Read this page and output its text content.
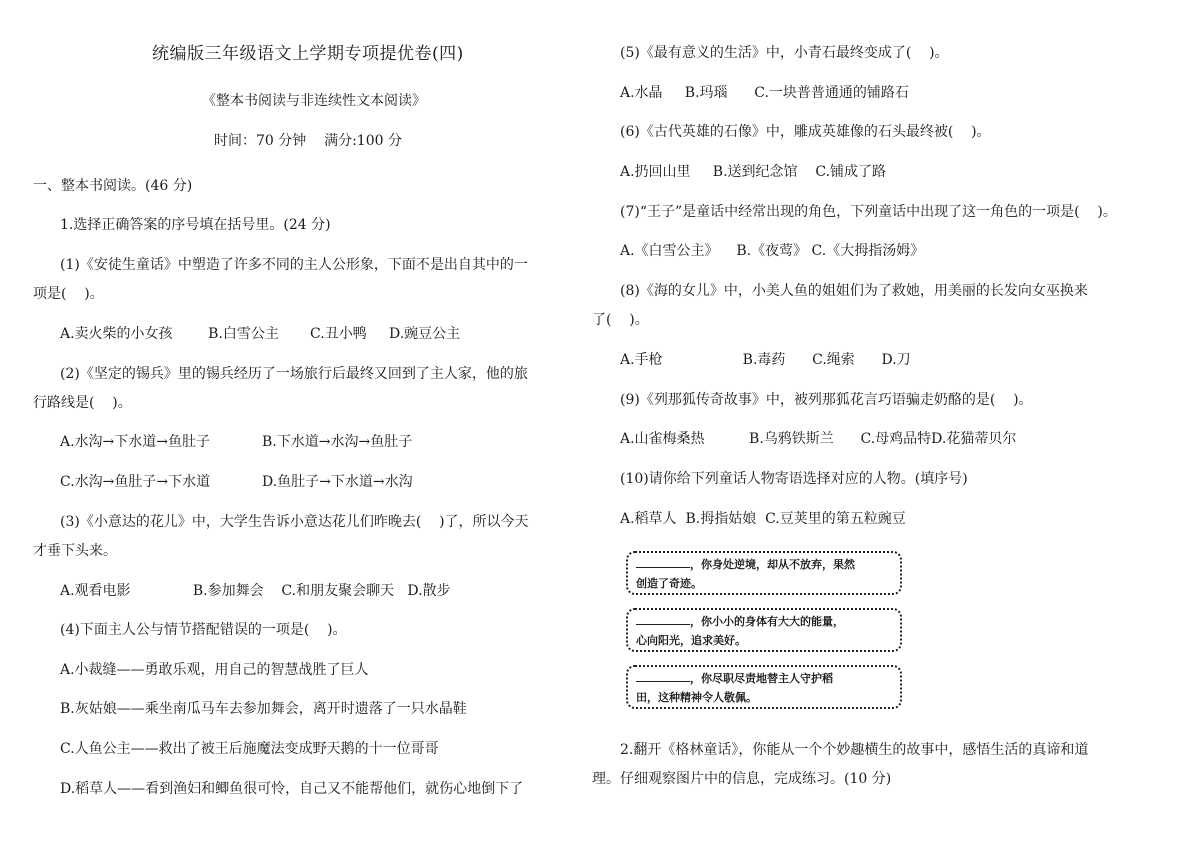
统编版三年级语文上学期专项提优卷(四)
《整本书阅读与非连续性文本阅读》
时间：70 分钟    满分:100 分
一、整本书阅读。(46 分)
1.选择正确答案的序号填在括号里。(24 分)
(1)《安徒生童话》中塑造了许多不同的主人公形象，下面不是出自其中的一
项是(    )。
A.卖火柴的小女孩        B.白雪公主       C.丑小鸭     D.豌豆公主
(2)《坚定的锡兵》里的锡兵经历了一场旅行后最终又回到了主人家，他的旅
行路线是(    )。
A.水沟→下水道→鱼肚子	B.下水道→水沟→鱼肚子
C.水沟→鱼肚子→下水道	D.鱼肚子→下水道→水沟
(3)《小意达的花儿》中，大学生告诉小意达花儿们昨晚去(    )了，所以今天
才垂下头来。
A.观看电影              B.参加舞会    C.和朋友聚会聊天   D.散步
(4)下面主人公与情节搭配错误的一项是(    )。
A.小裁缝——勇敢乐观，用自己的智慧战胜了巨人
B.灰姑娘——乘坐南瓜马车去参加舞会，离开时遗落了一只水晶鞋
C.人鱼公主——救出了被王后施魔法变成野天鹅的十一位哥哥
D.稻草人——看到渔妇和鲫鱼很可怜，自己又不能帮他们，就伤心地倒下了
(5)《最有意义的生活》中，小青石最终变成了(    )。
A.水晶     B.玛瑙      C.一块普普通通的铺路石
(6)《古代英雄的石像》中，雕成英雄像的石头最终被(    )。
A.扔回山里     B.送到纪念馆    C.铺成了路
(7)“王子”是童话中经常出现的角色，下列童话中出现了这一角色的一项是(    )。
A.《白雪公主》    B.《夜莺》 C.《大拇指汤姆》
(8)《海的女儿》中，小美人鱼的姐姐们为了救她，用美丽的长发向女巫换来
了(    )。
A.手枪                  B.毒药      C.绳索      D.刀
(9)《列那狐传奇故事》中，被列那狐花言巧语骗走奶酪的是(    )。
A.山雀梅桑热          B.乌鸦铁斯兰      C.母鸡品特D.花猫蒂贝尔
(10)请你给下列童话人物寄语选择对应的人物。(填序号)
A.稻草人  B.拇指姑娘  C.豆荚里的第五粒豌豆
，你身处逆境，却从不放弃，果然
创造了奇迹。
，你小小的身体有大大的能量，
心向阳光，追求美好。
，你尽职尽责地替主人守护稻
田，这种精神令人敬佩。
2.翻开《格林童话》，你能从一个个妙趣横生的故事中，感悟生活的真谛和道
理。仔细观察图片中的信息，完成练习。(10 分)
